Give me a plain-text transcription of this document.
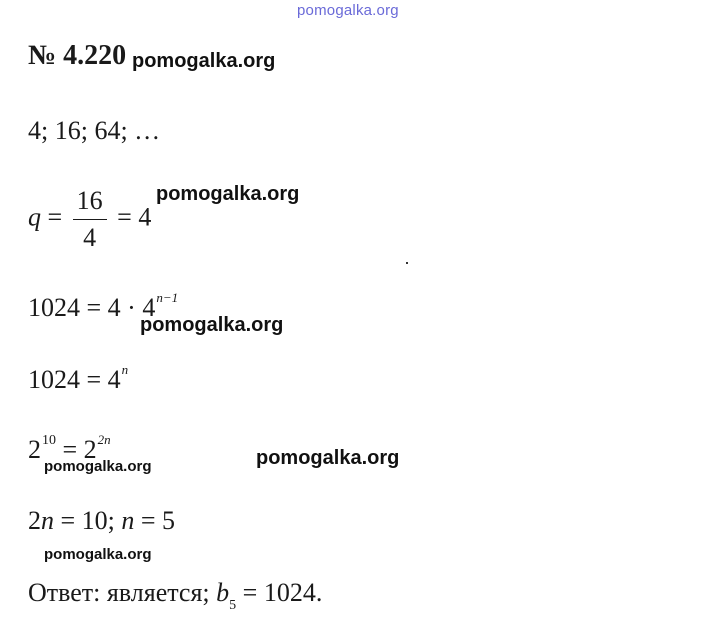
pomogalka.org
№ 4.220 pomogalka.org
4; 16; 64; …
$q = \frac{16}{4} = 4$
pomogalka.org
$1024 = 4 \cdot 4^{n-1}$
pomogalka.org
$1024 = 4^n$
$2^{10} = 2^{2n}$
pomogalka.org	pomogalka.org
2n = 10; n = 5
pomogalka.org
Ответ: является; $b_5 = 1024$.
